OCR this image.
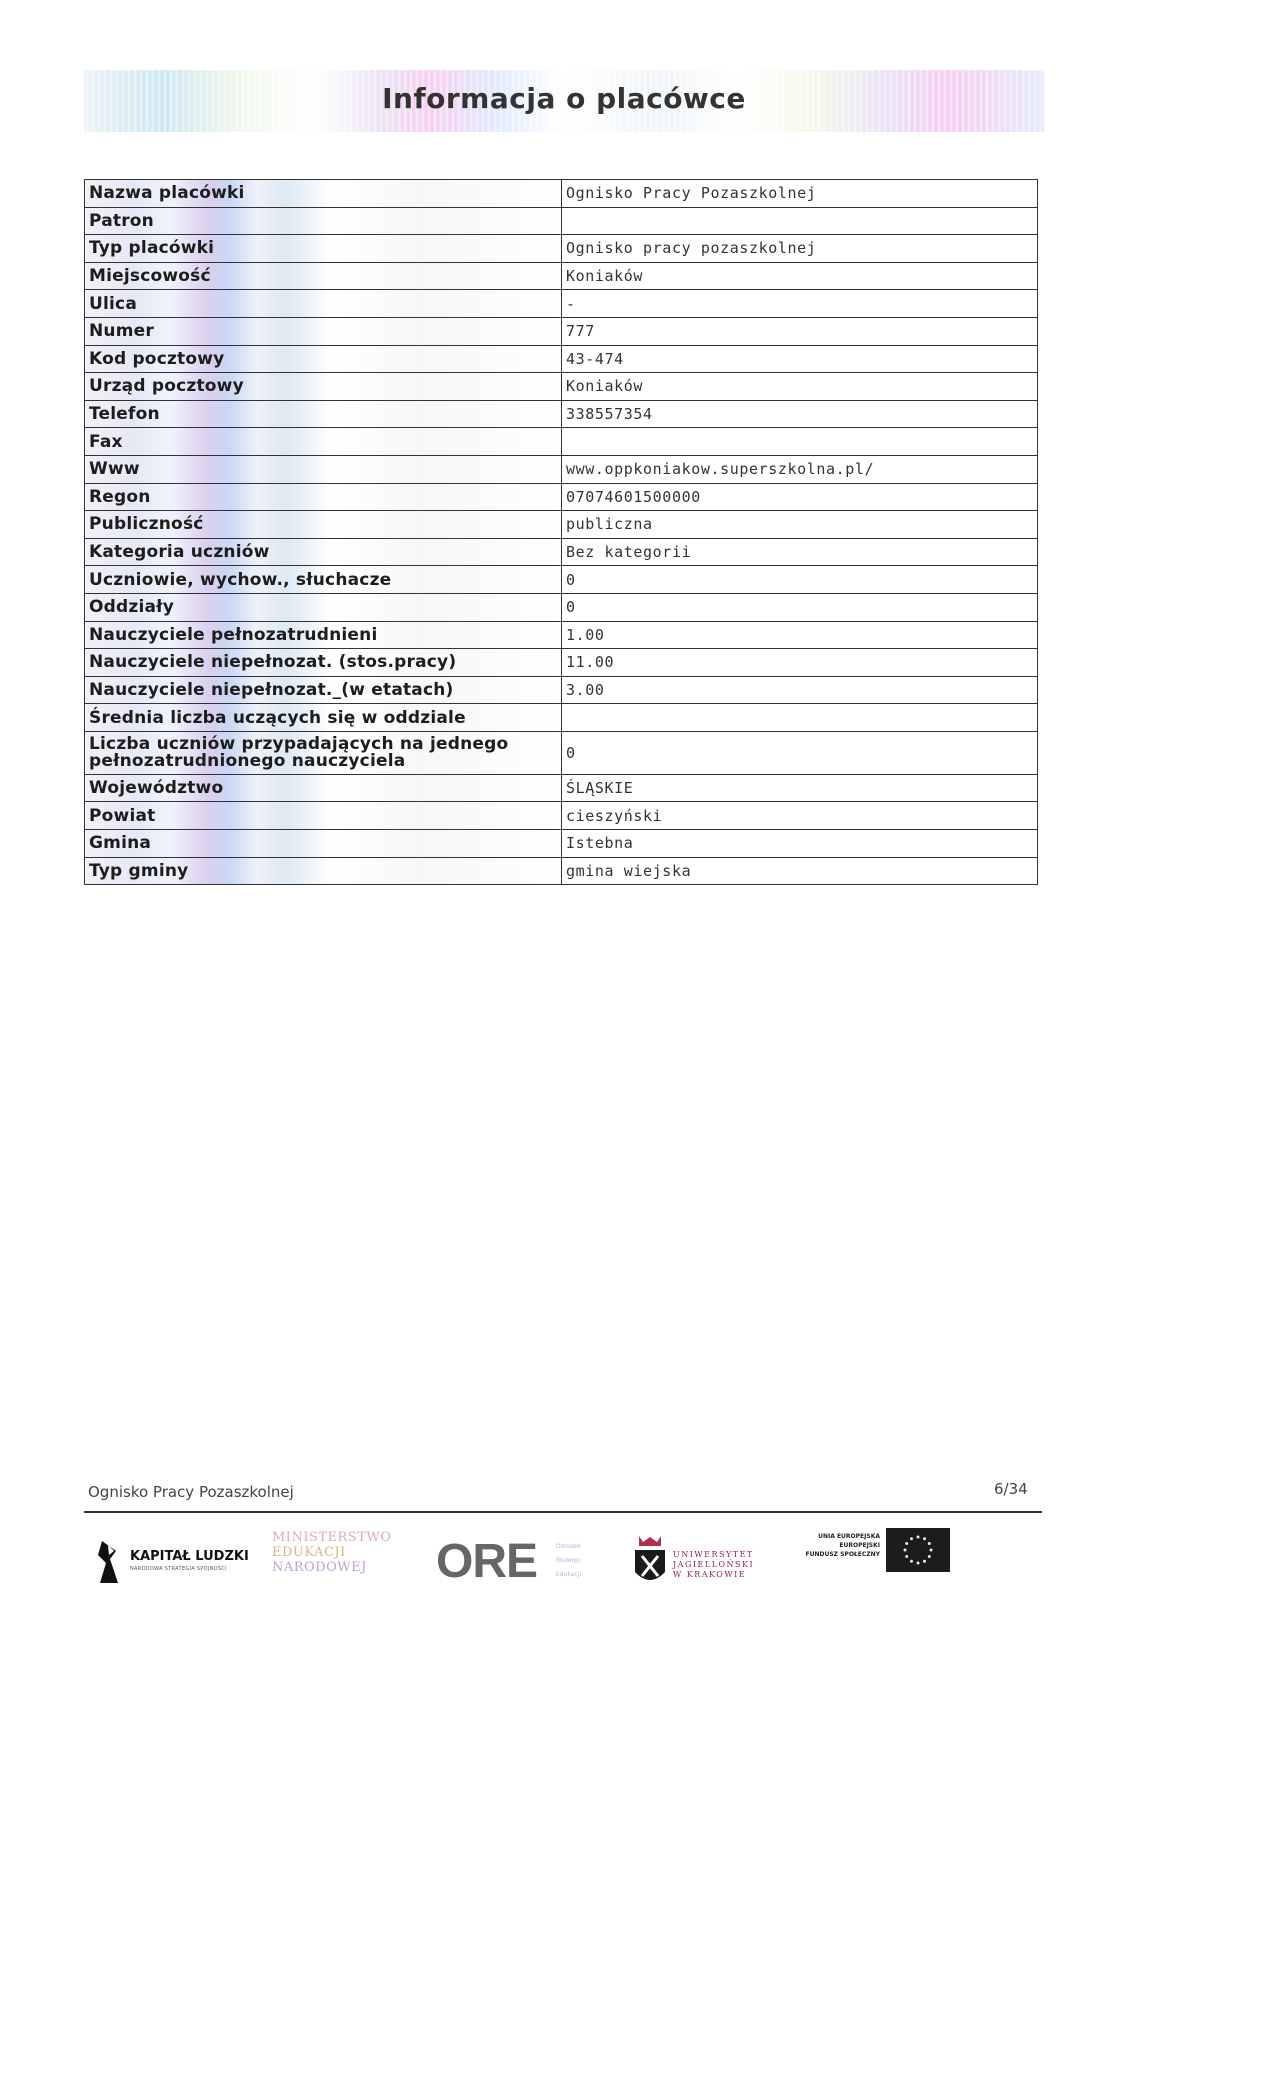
Informacja o placówce
Nazwa placówki	Ognisko Pracy Pozaszkolnej
Patron	
Typ placówki	Ognisko pracy pozaszkolnej
Miejscowość	Koniaków
Ulica	-
Numer	777
Kod pocztowy	43-474
Urząd pocztowy	Koniaków
Telefon	338557354
Fax	
Www	www.oppkoniakow.superszkolna.pl/
Regon	07074601500000
Publiczność	publiczna
Kategoria uczniów	Bez kategorii
Uczniowie, wychow., słuchacze	0
Oddziały	0
Nauczyciele pełnozatrudnieni	1.00
Nauczyciele niepełnozat. (stos.pracy)	11.00
Nauczyciele niepełnozat._(w etatach)	3.00
Średnia liczba uczących się w oddziale	
Liczba uczniów przypadających na jednego pełnozatrudnionego nauczyciela	0
Województwo	ŚLĄSKIE
Powiat	cieszyński
Gmina	Istebna
Typ gminy	gmina wiejska
Ognisko Pracy Pozaszkolnej	6/34
KAPITAŁ LUDZKI
NARODOWA STRATEGIA SPÓJNOŚCI
MINISTERSTWO
EDUKACJI
NARODOWEJ	ORE	Ośrodek
Rozwoju
Edukacji
UNIWERSYTET
JAGIELLOŃSKI
W KRAKOWIE
UNIA EUROPEJSKA
EUROPEJSKI
FUNDUSZ SPOŁECZNY
